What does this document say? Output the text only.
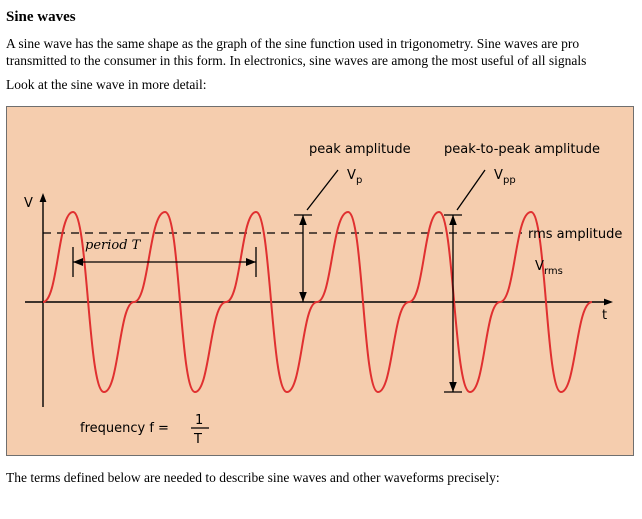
Sine waves

A sine wave has the same shape as the graph of the sine function used in trigonometry. Sine waves are pro
transmitted to the consumer in this form. In electronics, sine waves are among the most useful of all signals

Look at the sine wave in more detail:

period T
peak amplitude
V p
peak-to-peak amplitude
V pp
rms amplitude
V rms
V
t
frequency f =
1
T

The terms defined below are needed to describe sine waves and other waveforms precisely:
